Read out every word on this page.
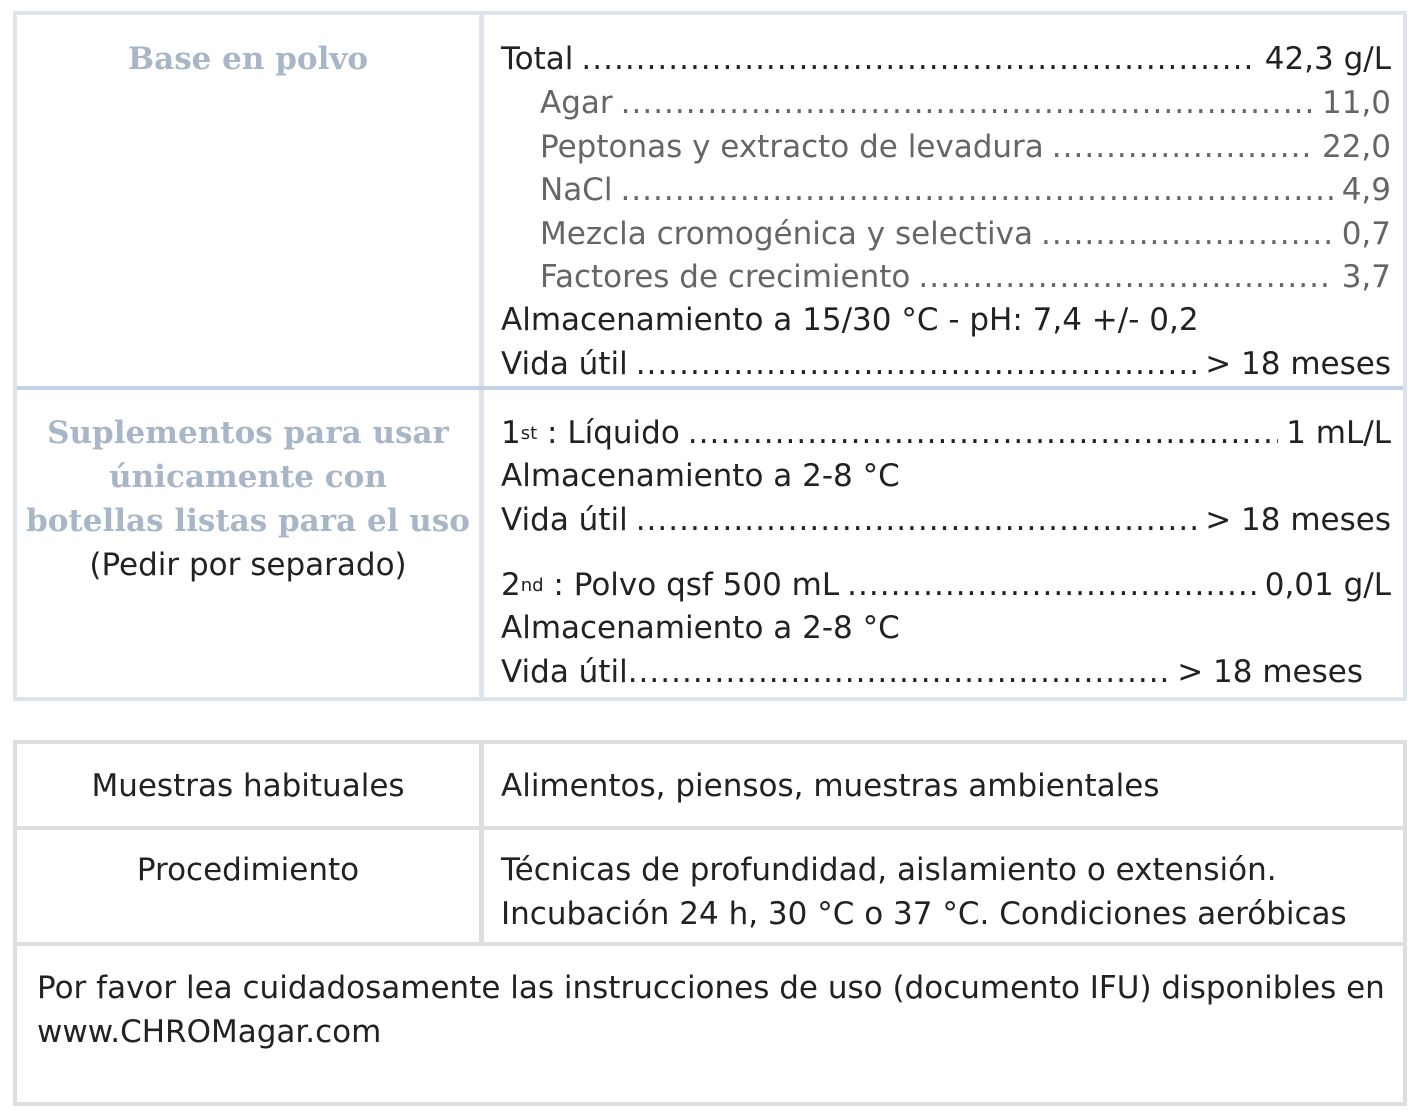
Base en polvo	Total .....	42,3 g/L
Agar .....	11,0
Peptonas y extracto de levadura .....	22,0
NaCl .....	4,9
Mezcla cromogénica y selectiva .....	0,7
Factores de crecimiento .....	3,7
Almacenamiento a 15/30 °C - pH: 7,4 +/- 0,2
Vida útil .....	> 18 meses
Suplementos para usar
únicamente con
botellas listas para el uso
(Pedir por separado)
1st : Líquido .....	1 mL/L
Almacenamiento a 2-8 °C
Vida útil .....	> 18 meses
2nd : Polvo qsf 500 mL .....	0,01 g/L
Almacenamiento a 2-8 °C
Vida útil .....	> 18 meses
Muestras habituales	Alimentos, piensos, muestras ambientales
Procedimiento	Técnicas de profundidad, aislamiento o extensión.
Incubación 24 h, 30 °C o 37 °C. Condiciones aeróbicas
Por favor lea cuidadosamente las instrucciones de uso (documento IFU) disponibles en
www.CHROMagar.com
